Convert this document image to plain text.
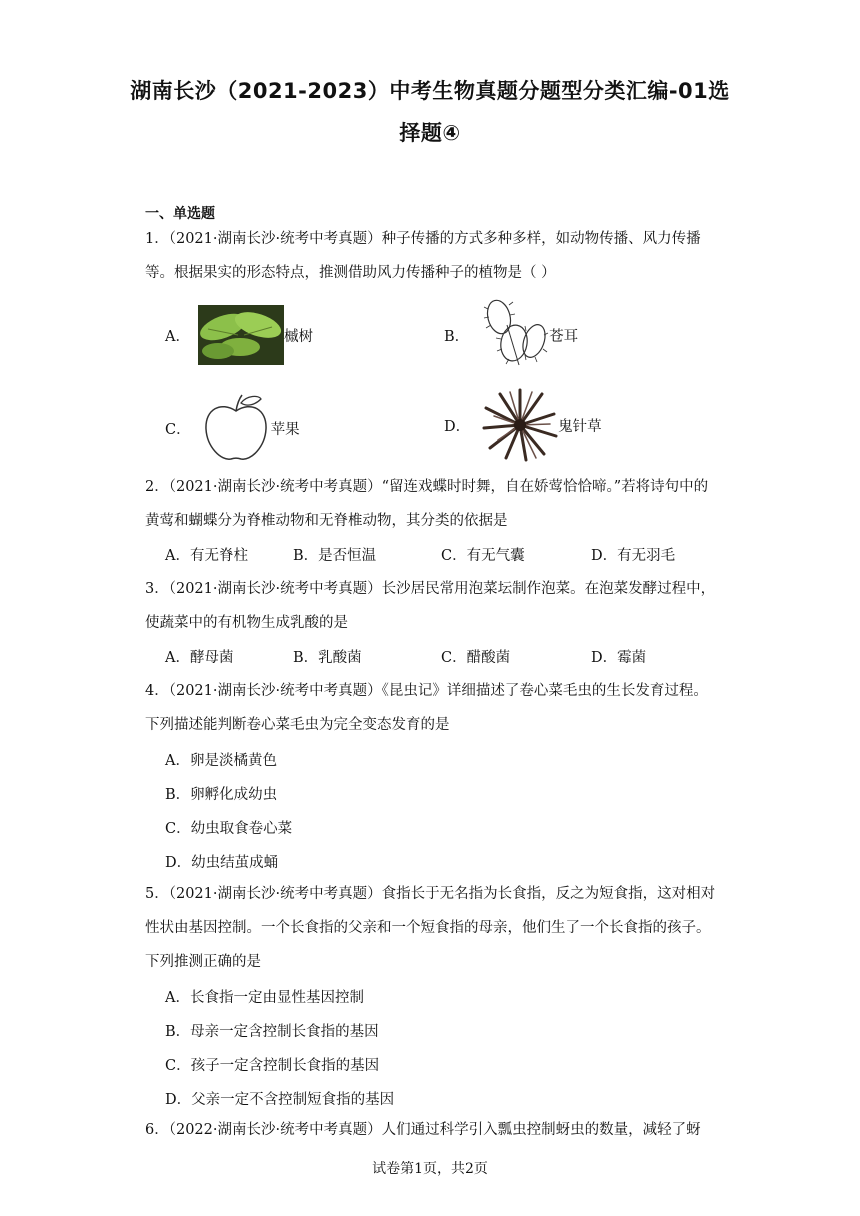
湖南长沙（2021-2023）中考生物真题分题型分类汇编-01选
择题④
一、单选题
1．（2021·湖南长沙·统考中考真题）种子传播的方式多种多样，如动物传播、风力传播等。根据果实的形态特点，推测借助风力传播种子的植物是（ ）
A．	槭树	B．	苍耳
C．	苹果	D．	鬼针草
2．（2021·湖南长沙·统考中考真题）“留连戏蝶时时舞，自在娇莺恰恰啼。”若将诗句中的黄莺和蝴蝶分为脊椎动物和无脊椎动物，其分类的依据是
A．有无脊柱	B．是否恒温	C．有无气囊	D．有无羽毛
3．（2021·湖南长沙·统考中考真题）长沙居民常用泡菜坛制作泡菜。在泡菜发酵过程中，使蔬菜中的有机物生成乳酸的是
A．酵母菌	B．乳酸菌	C．醋酸菌	D．霉菌
4．（2021·湖南长沙·统考中考真题）《昆虫记》详细描述了卷心菜毛虫的生长发育过程。下列描述能判断卷心菜毛虫为完全变态发育的是
A．卵是淡橘黄色
B．卵孵化成幼虫
C．幼虫取食卷心菜
D．幼虫结茧成蛹
5．（2021·湖南长沙·统考中考真题）食指长于无名指为长食指，反之为短食指，这对相对性状由基因控制。一个长食指的父亲和一个短食指的母亲，他们生了一个长食指的孩子。下列推测正确的是
A．长食指一定由显性基因控制
B．母亲一定含控制长食指的基因
C．孩子一定含控制长食指的基因
D．父亲一定不含控制短食指的基因
6．（2022·湖南长沙·统考中考真题）人们通过科学引入瓢虫控制蚜虫的数量，减轻了蚜
试卷第1页，共2页
